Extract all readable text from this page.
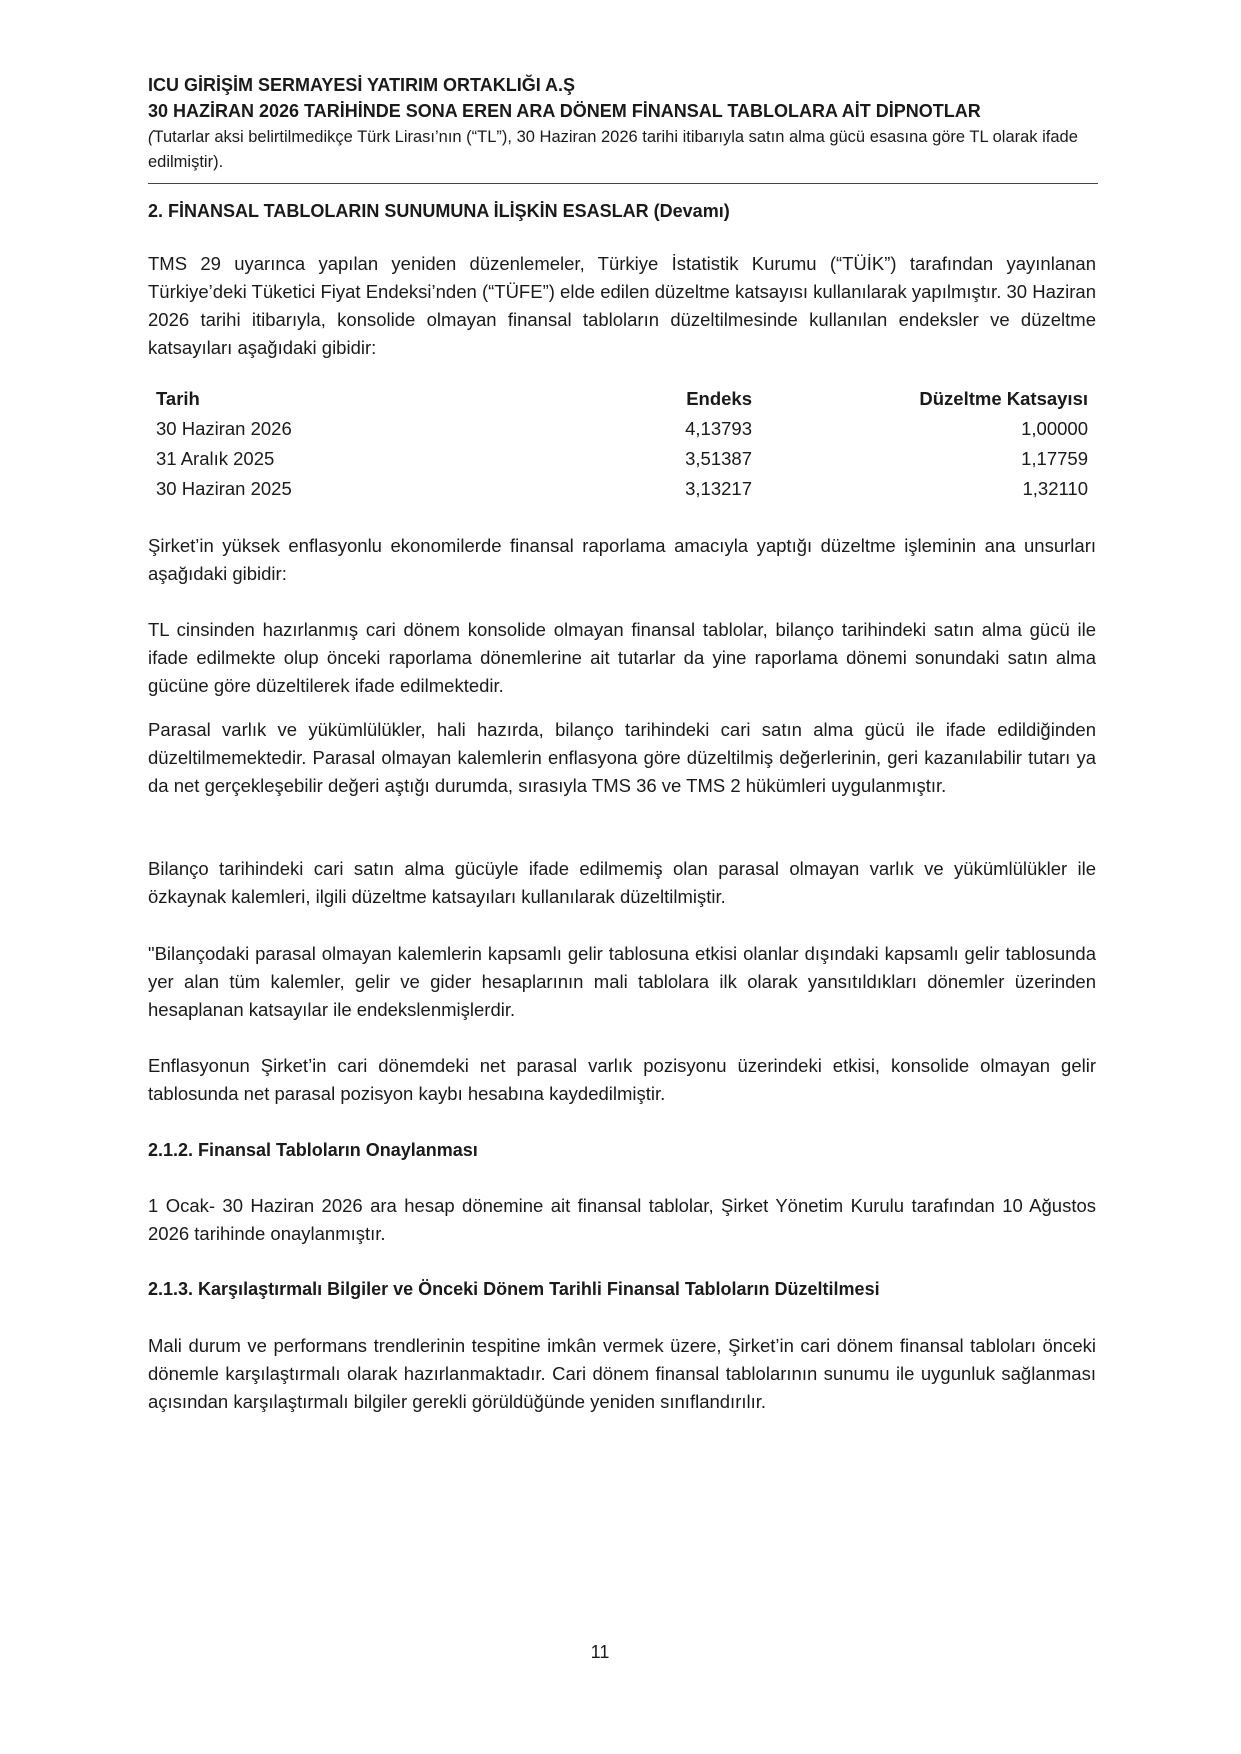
ICU GİRİŞİM SERMAYESİ YATIRIM ORTAKLIĞI A.Ş
30 HAZİRAN 2026 TARİHİNDE SONA EREN ARA DÖNEM FİNANSAL TABLOLARA AİT DİPNOTLAR
(Tutarlar aksi belirtilmedikçe Türk Lirası’nın (“TL”), 30 Haziran 2026 tarihi itibarıyla satın alma gücü esasına göre TL olarak ifade edilmiştir).
2. FİNANSAL TABLOLARIN SUNUMUNA İLİŞKİN ESASLAR (Devamı)
TMS 29 uyarınca yapılan yeniden düzenlemeler, Türkiye İstatistik Kurumu (“TÜİK”) tarafından yayınlanan Türkiye’deki Tüketici Fiyat Endeksi’nden (“TÜFE”) elde edilen düzeltme katsayısı kullanılarak yapılmıştır. 30 Haziran 2026 tarihi itibarıyla, konsolide olmayan finansal tabloların düzeltilmesinde kullanılan endeksler ve düzeltme katsayıları aşağıdaki gibidir:
Tarih	Endeks	Düzeltme Katsayısı
30 Haziran 2026	4,13793	1,00000
31 Aralık 2025	3,51387	1,17759
30 Haziran 2025	3,13217	1,32110
Şirket’in yüksek enflasyonlu ekonomilerde finansal raporlama amacıyla yaptığı düzeltme işleminin ana unsurları aşağıdaki gibidir:
TL cinsinden hazırlanmış cari dönem konsolide olmayan finansal tablolar, bilanço tarihindeki satın alma gücü ile ifade edilmekte olup önceki raporlama dönemlerine ait tutarlar da yine raporlama dönemi sonundaki satın alma gücüne göre düzeltilerek ifade edilmektedir.
Parasal varlık ve yükümlülükler, hali hazırda, bilanço tarihindeki cari satın alma gücü ile ifade edildiğinden düzeltilmemektedir. Parasal olmayan kalemlerin enflasyona göre düzeltilmiş değerlerinin, geri kazanılabilir tutarı ya da net gerçekleşebilir değeri aştığı durumda, sırasıyla TMS 36 ve TMS 2 hükümleri uygulanmıştır.
Bilanço tarihindeki cari satın alma gücüyle ifade edilmemiş olan parasal olmayan varlık ve yükümlülükler ile özkaynak kalemleri, ilgili düzeltme katsayıları kullanılarak düzeltilmiştir.
"Bilançodaki parasal olmayan kalemlerin kapsamlı gelir tablosuna etkisi olanlar dışındaki kapsamlı gelir tablosunda yer alan tüm kalemler, gelir ve gider hesaplarının mali tablolara ilk olarak yansıtıldıkları dönemler üzerinden hesaplanan katsayılar ile endekslenmişlerdir.
Enflasyonun Şirket’in cari dönemdeki net parasal varlık pozisyonu üzerindeki etkisi, konsolide olmayan gelir tablosunda net parasal pozisyon kaybı hesabına kaydedilmiştir.
2.1.2. Finansal Tabloların Onaylanması
1 Ocak- 30 Haziran 2026 ara hesap dönemine ait finansal tablolar, Şirket Yönetim Kurulu tarafından 10 Ağustos 2026 tarihinde onaylanmıştır.
2.1.3. Karşılaştırmalı Bilgiler ve Önceki Dönem Tarihli Finansal Tabloların Düzeltilmesi
Mali durum ve performans trendlerinin tespitine imkân vermek üzere, Şirket’in cari dönem finansal tabloları önceki dönemle karşılaştırmalı olarak hazırlanmaktadır. Cari dönem finansal tablolarının sunumu ile uygunluk sağlanması açısından karşılaştırmalı bilgiler gerekli görüldüğünde yeniden sınıflandırılır.
11
